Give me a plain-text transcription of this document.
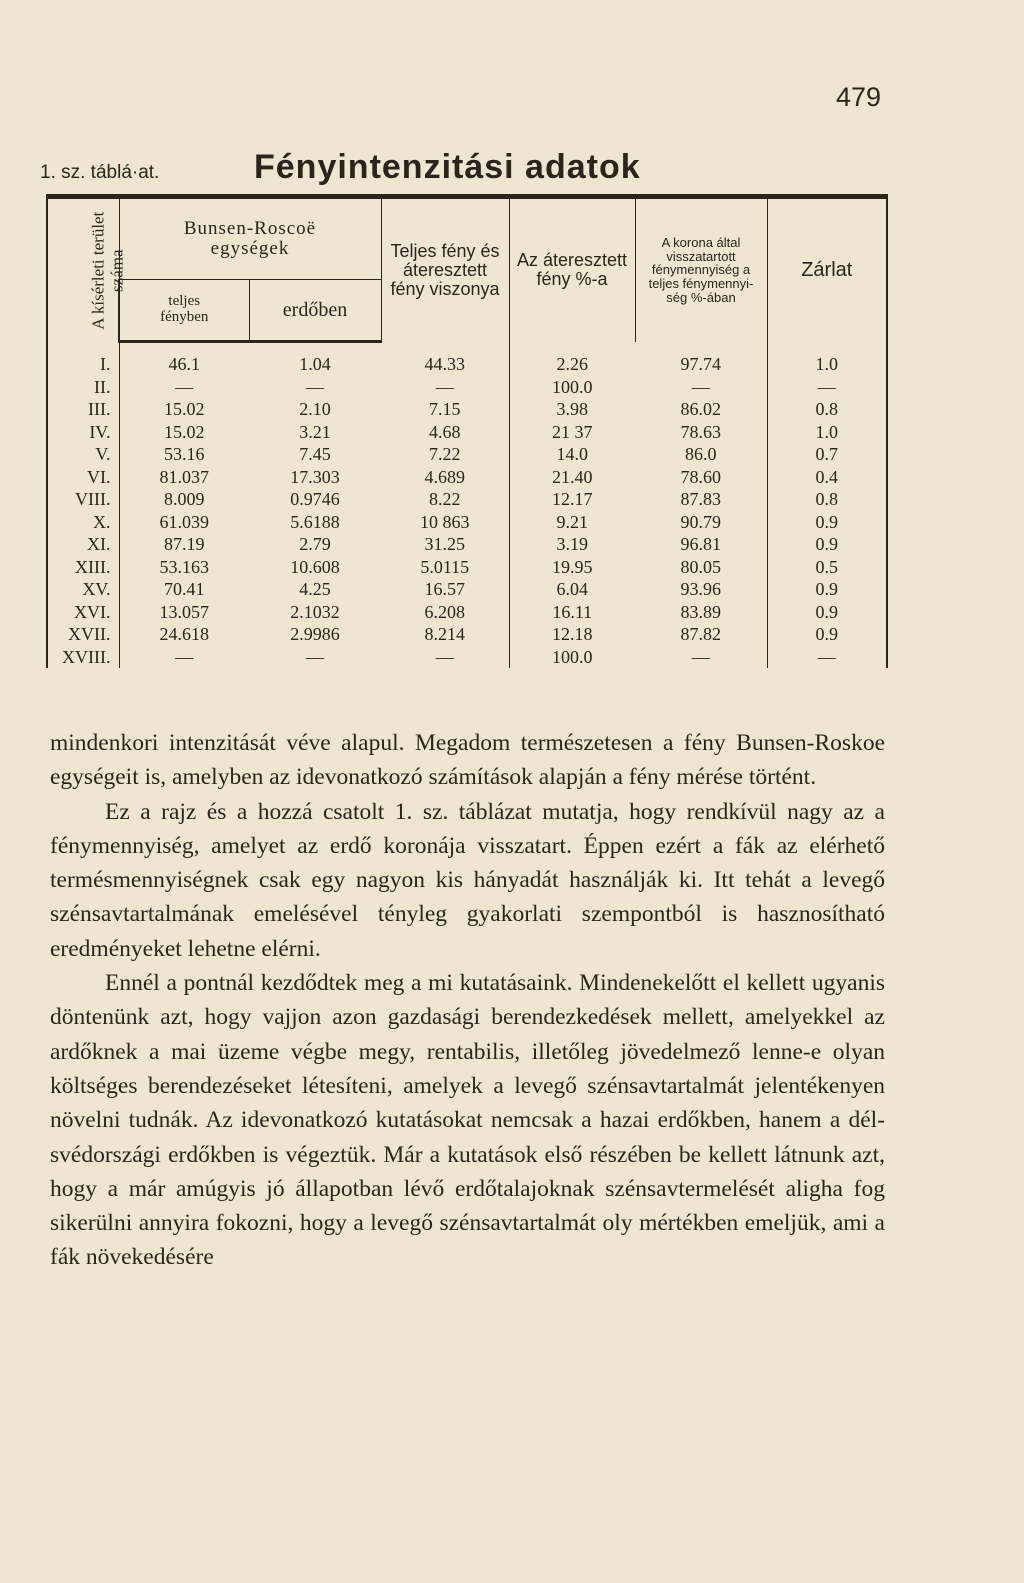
479
1. sz. táblá·at.	Fényintenzitási adatok
A kísérleti terület száma	Bunsen-Roscoë egységek		Teljes fény és áteresztett fény viszonya	Az áteresztett fény %-a	A korona által visszatartott fénymennyiség a teljes fénymennyiség %-ában	Zárlat
	teljes fényben	erdőben				
I.	46.1	1.04	44.33	2.26	97.74	1.0
II.	—	—	—	100.0	—	—
III.	15.02	2.10	7.15	3.98	86.02	0.8
IV.	15.02	3.21	4.68	21 37	78.63	1.0
V.	53.16	7.45	7.22	14.0	86.0	0.7
VI.	81.037	17.303	4.689	21.40	78.60	0.4
VIII.	8.009	0.9746	8.22	12.17	87.83	0.8
X.	61.039	5.6188	10 863	9.21	90.79	0.9
XI.	87.19	2.79	31.25	3.19	96.81	0.9
XIII.	53.163	10.608	5.0115	19.95	80.05	0.5
XV.	70.41	4.25	16.57	6.04	93.96	0.9
XVI.	13.057	2.1032	6.208	16.11	83.89	0.9
XVII.	24.618	2.9986	8.214	12.18	87.82	0.9
XVIII.	—	—	—	100.0	—	—

mindenkori intenzitását véve alapul. Megadom természetesen a fény Bunsen-Roskoe egységeit is, amelyben az idevonatkozó számítások alapján a fény mérése történt.

Ez a rajz és a hozzá csatolt 1. sz. táblázat mutatja, hogy rendkívül nagy az a fénymennyiség, amelyet az erdő koronája visszatart. Éppen ezért a fák az elérhető termésmennyiségnek csak egy nagyon kis hányadát használják ki. Itt tehát a levegő szénsavtartalmának emelésével tényleg gyakorlati szempontból is hasznosítható eredményeket lehetne elérni.

Ennél a pontnál kezdődtek meg a mi kutatásaink. Mindenekelőtt el kellett ugyanis döntenünk azt, hogy vajjon azon gazdasági berendezkedések mellett, amelyekkel az ardőknek a mai üzeme végbe megy, rentabilis, illetőleg jövedelmező lenne-e olyan költséges berendezéseket létesíteni, amelyek a levegő szénsavtartalmát jelentékenyen növelni tudnák. Az idevonatkozó kutatásokat nemcsak a hazai erdőkben, hanem a dél-svédországi erdőkben is végeztük. Már a kutatások első részében be kellett látnunk azt, hogy a már amúgyis jó állapotban lévő erdőtalajoknak szénsavtermelését aligha fog sikerülni annyira fokozni, hogy a levegő szénsavtartalmát oly mértékben emeljük, ami a fák növekedésére
